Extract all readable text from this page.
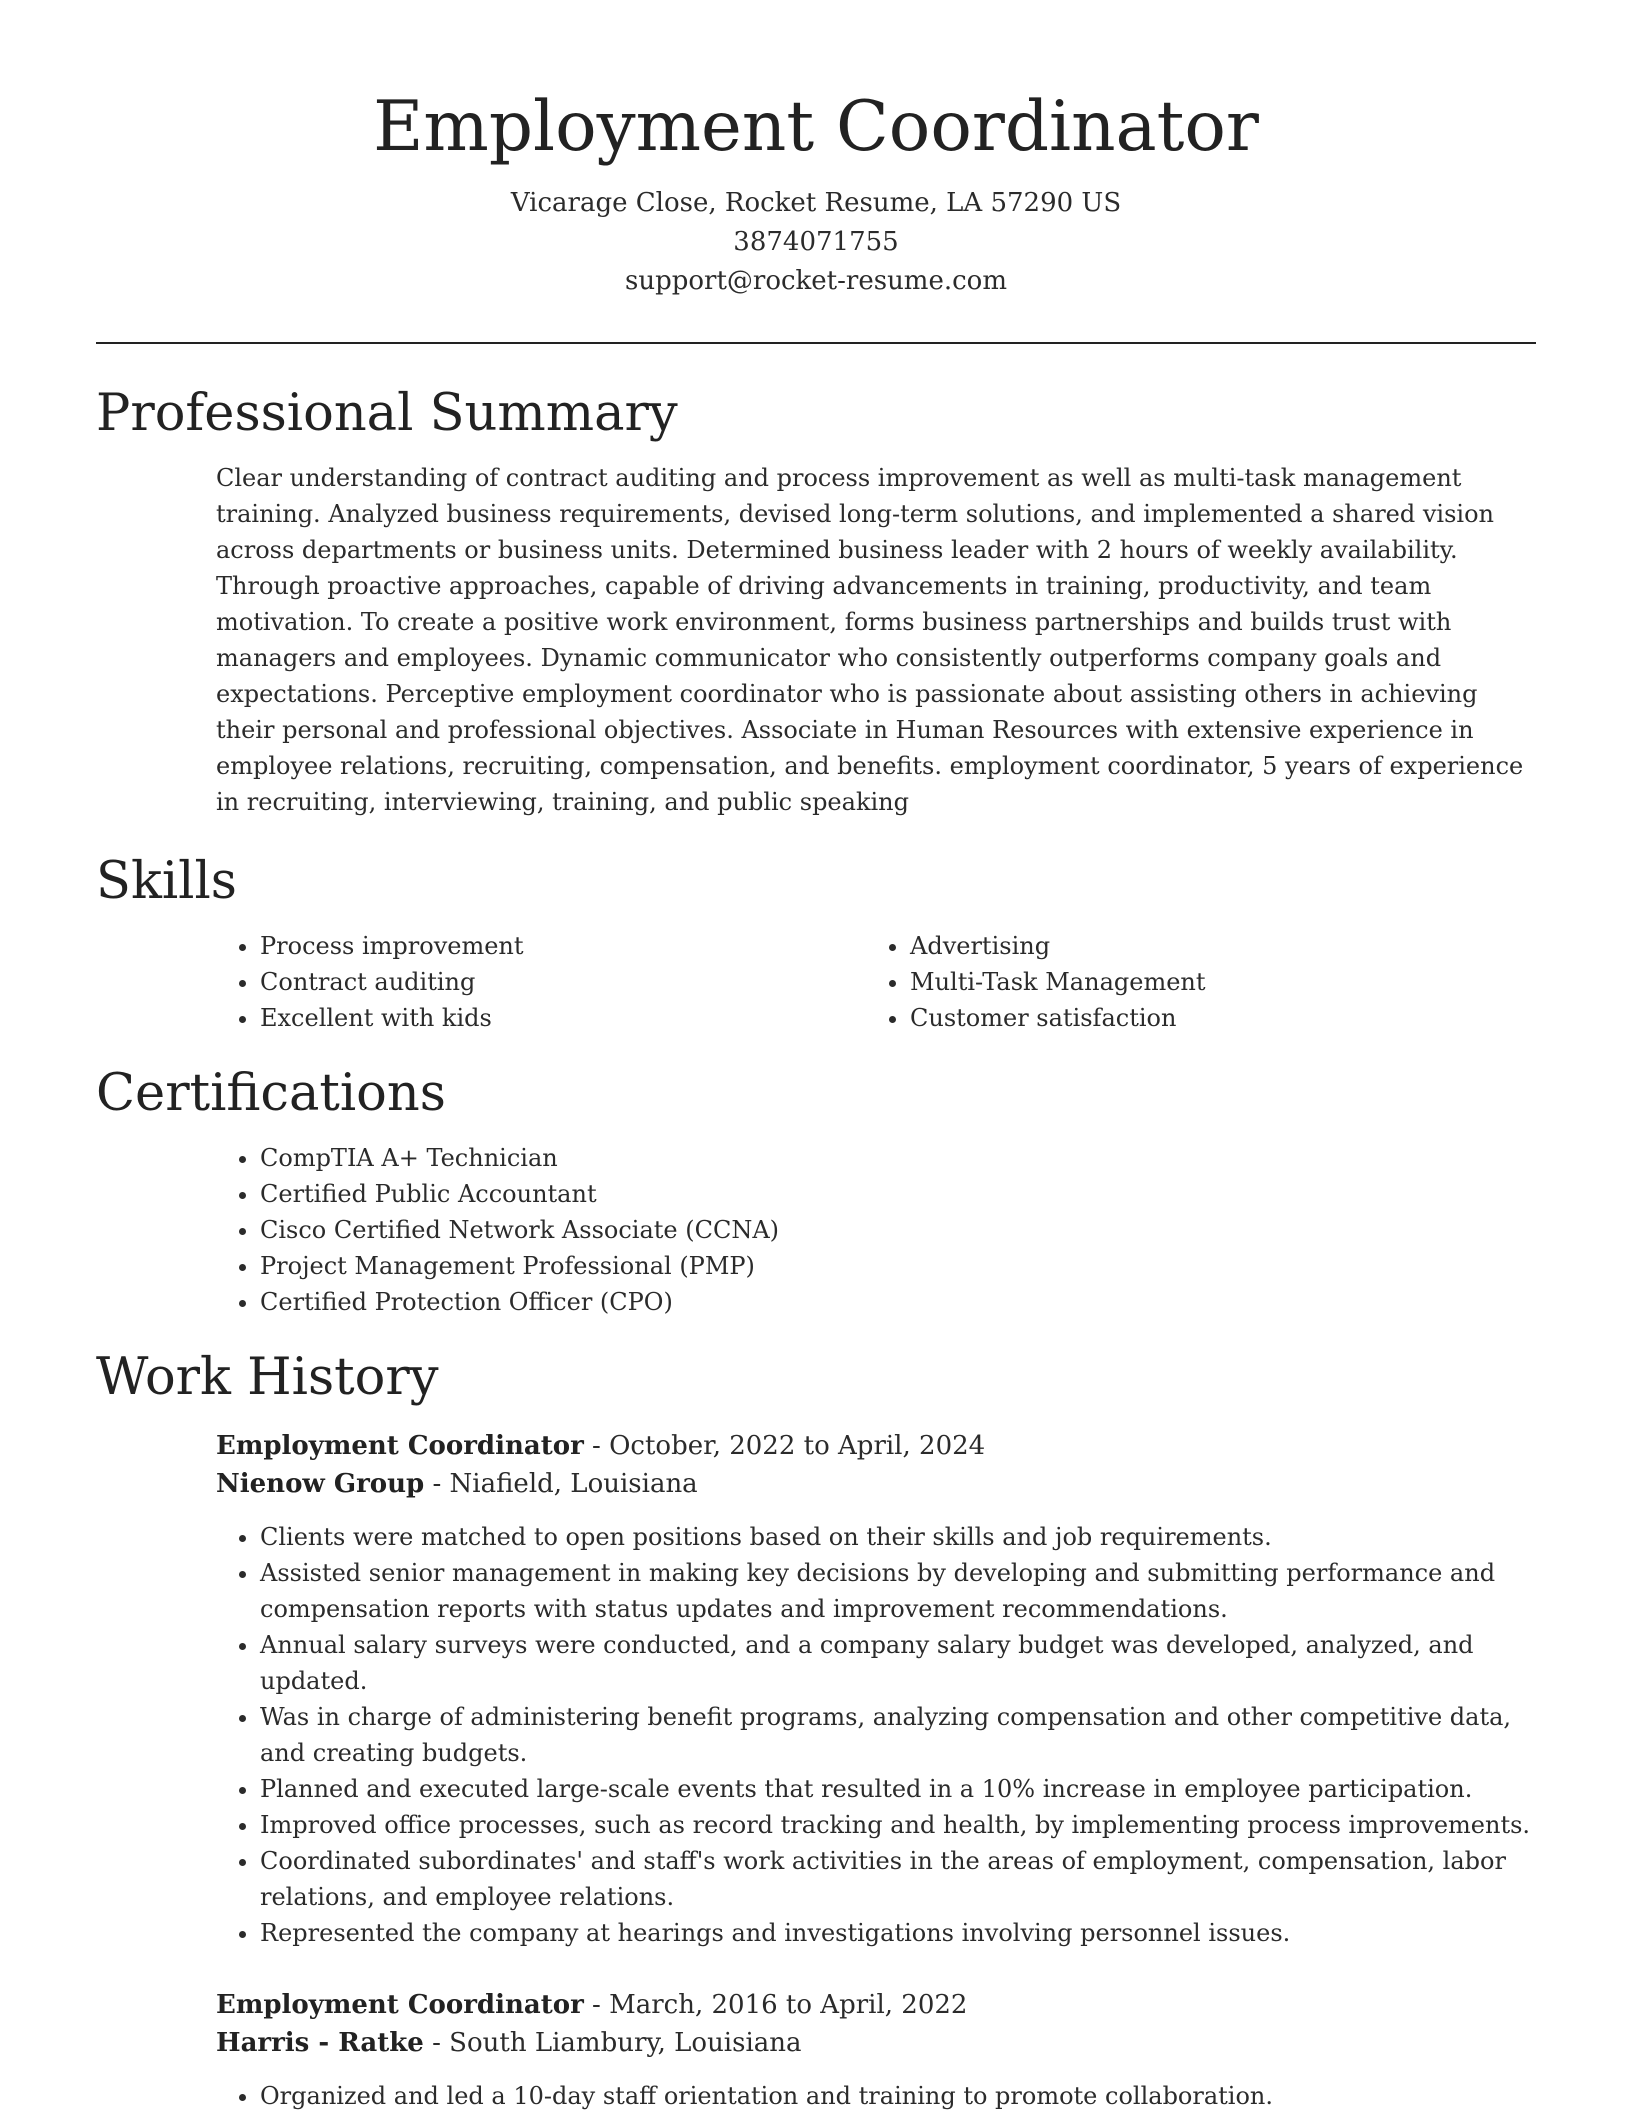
Employment Coordinator
Vicarage Close, Rocket Resume, LA 57290 US
3874071755
support@rocket-resume.com
Professional Summary

Clear understanding of contract auditing and process improvement as well as multi-task management training. Analyzed business requirements, devised long-term solutions, and implemented a shared vision across departments or business units. Determined business leader with 2 hours of weekly availability. Through proactive approaches, capable of driving advancements in training, productivity, and team motivation. To create a positive work environment, forms business partnerships and builds trust with managers and employees. Dynamic communicator who consistently outperforms company goals and expectations. Perceptive employment coordinator who is passionate about assisting others in achieving their personal and professional objectives. Associate in Human Resources with extensive experience in employee relations, recruiting, compensation, and benefits. employment coordinator, 5 years of experience in recruiting, interviewing, training, and public speaking

Skills
• Process improvement
• Contract auditing
• Excellent with kids
• Advertising
• Multi-Task Management
• Customer satisfaction
Certifications
• CompTIA A+ Technician
• Certified Public Accountant
• Cisco Certified Network Associate (CCNA)
• Project Management Professional (PMP)
• Certified Protection Officer (CPO)
Work History
Employment Coordinator - October, 2022 to April, 2024
Nienow Group - Niafield, Louisiana
• Clients were matched to open positions based on their skills and job requirements.
• Assisted senior management in making key decisions by developing and submitting performance and compensation reports with status updates and improvement recommendations.
• Annual salary surveys were conducted, and a company salary budget was developed, analyzed, and updated.
• Was in charge of administering benefit programs, analyzing compensation and other competitive data, and creating budgets.
• Planned and executed large-scale events that resulted in a 10% increase in employee participation.
• Improved office processes, such as record tracking and health, by implementing process improvements.
• Coordinated subordinates' and staff's work activities in the areas of employment, compensation, labor relations, and employee relations.
• Represented the company at hearings and investigations involving personnel issues.
Employment Coordinator - March, 2016 to April, 2022
Harris - Ratke - South Liambury, Louisiana
• Organized and led a 10-day staff orientation and training to promote collaboration.
